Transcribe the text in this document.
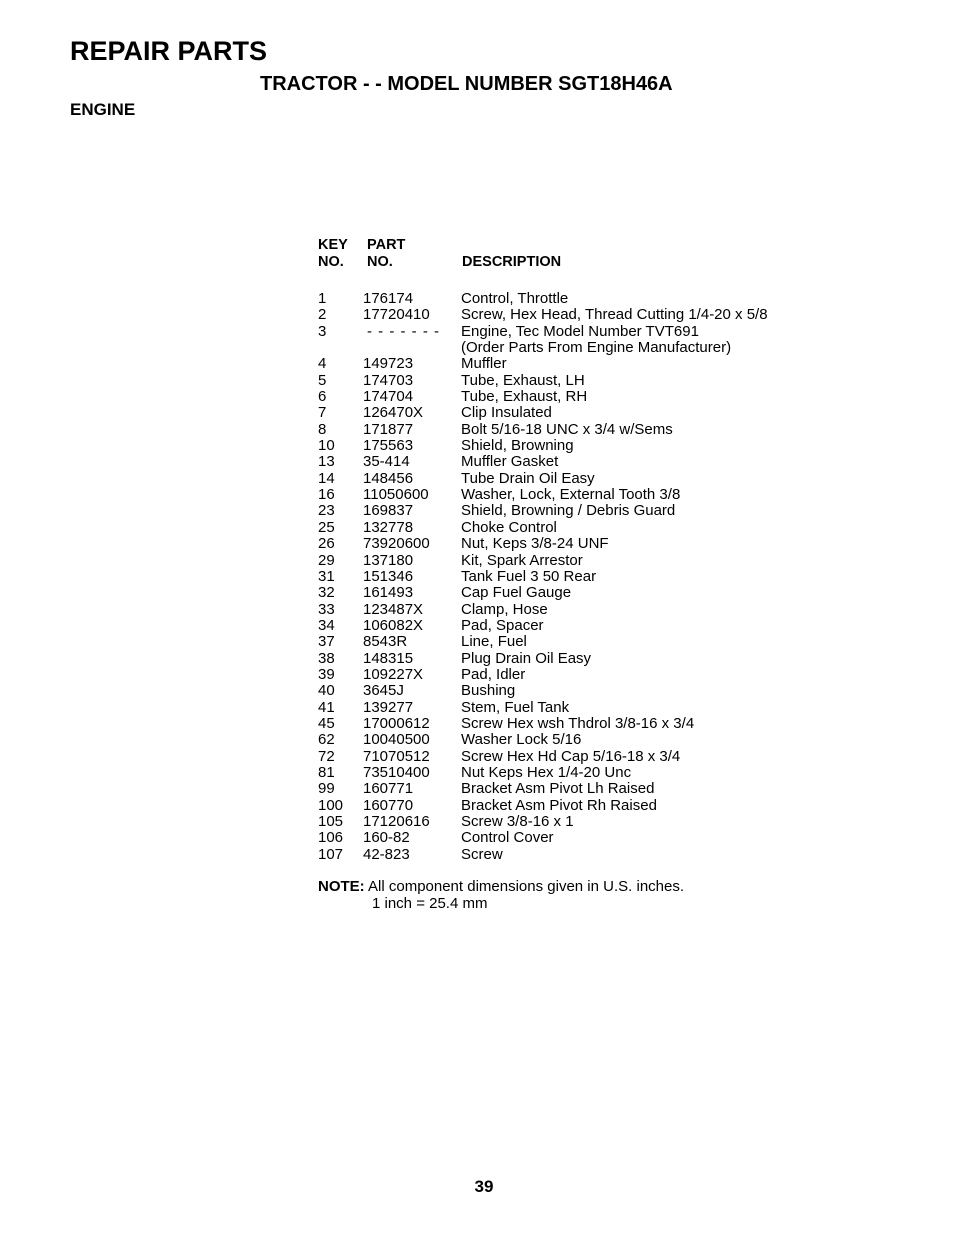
REPAIR PARTS
TRACTOR - - MODEL NUMBER SGT18H46A
ENGINE
KEY PART
NO. NO.	DESCRIPTION
1 176174	Control, Throttle
2 17720410 Screw, Hex Head, Thread Cutting 1/4-20 x 5/8
3	- - - - - - - Engine, Tec Model Number TVT691
(Order Parts From Engine Manufacturer)
4 149723	Muffler
5 174703	Tube, Exhaust, LH
6 174704	Tube, Exhaust, RH
7 126470X	Clip Insulated
8 171877	Bolt 5/16-18 UNC x 3/4 w/Sems
10 175563	Shield, Browning
13 35-414	Muffler Gasket
14 148456	Tube Drain Oil Easy
16 11050600 Washer, Lock, External Tooth 3/8
23 169837	Shield, Browning / Debris Guard
25 132778	Choke Control
26 73920600 Nut, Keps 3/8-24 UNF
29 137180	Kit, Spark Arrestor
31 151346	Tank Fuel 3 50 Rear
32 161493	Cap Fuel Gauge
33 123487X	Clamp, Hose
34 106082X	Pad, Spacer
37 8543R	Line, Fuel
38 148315	Plug Drain Oil Easy
39 109227X	Pad, Idler
40 3645J	Bushing
41 139277	Stem, Fuel Tank
45 17000612 Screw Hex wsh Thdrol 3/8-16 x 3/4
62 10040500 Washer Lock 5/16
72 71070512 Screw Hex Hd Cap 5/16-18 x 3/4
81 73510400 Nut Keps Hex 1/4-20 Unc
99 160771	Bracket Asm Pivot Lh Raised
100 160770	Bracket Asm Pivot Rh Raised
105 17120616 Screw 3/8-16 x 1
106 160-82	Control Cover
107 42-823	Screw
NOTE: All component dimensions given in U.S. inches.
1 inch = 25.4 mm
39
